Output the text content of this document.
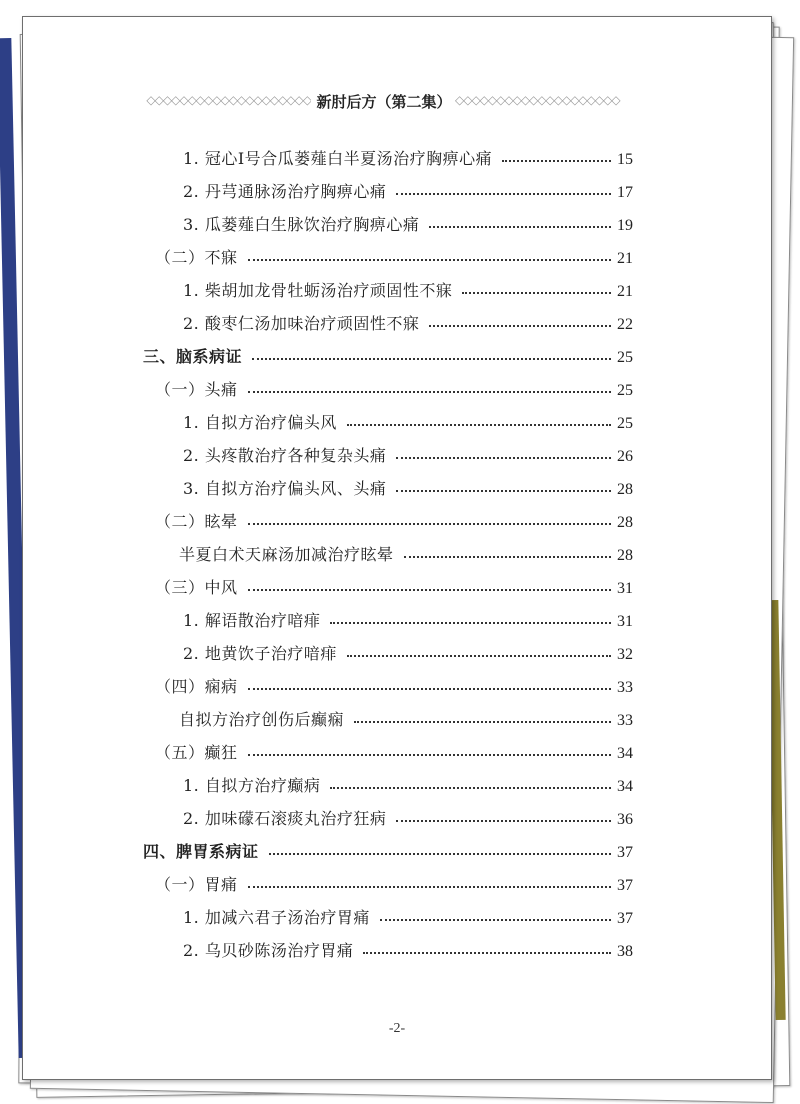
◇◇◇◇◇◇◇◇◇◇◇◇◇◇◇◇◇◇◇◇ 新肘后方（第二集） ◇◇◇◇◇◇◇◇◇◇◇◇◇◇◇◇◇◇◇◇
1. 冠心Ⅰ号合瓜蒌薤白半夏汤治疗胸痹心痛	15
2. 丹芎通脉汤治疗胸痹心痛	17
3. 瓜蒌薤白生脉饮治疗胸痹心痛	19
（二）不寐	21
1. 柴胡加龙骨牡蛎汤治疗顽固性不寐	21
2. 酸枣仁汤加味治疗顽固性不寐	22
三、脑系病证	25
（一）头痛	25
1. 自拟方治疗偏头风	25
2. 头疼散治疗各种复杂头痛	26
3. 自拟方治疗偏头风、头痛	28
（二）眩晕	28
半夏白术天麻汤加减治疗眩晕	28
（三）中风	31
1. 解语散治疗喑痱	31
2. 地黄饮子治疗喑痱	32
（四）痫病	33
自拟方治疗创伤后癫痫	33
（五）癫狂	34
1. 自拟方治疗癫病	34
2. 加味礞石滚痰丸治疗狂病	36
四、脾胃系病证	37
（一）胃痛	37
1. 加减六君子汤治疗胃痛	37
2. 乌贝砂陈汤治疗胃痛	38
-2-
